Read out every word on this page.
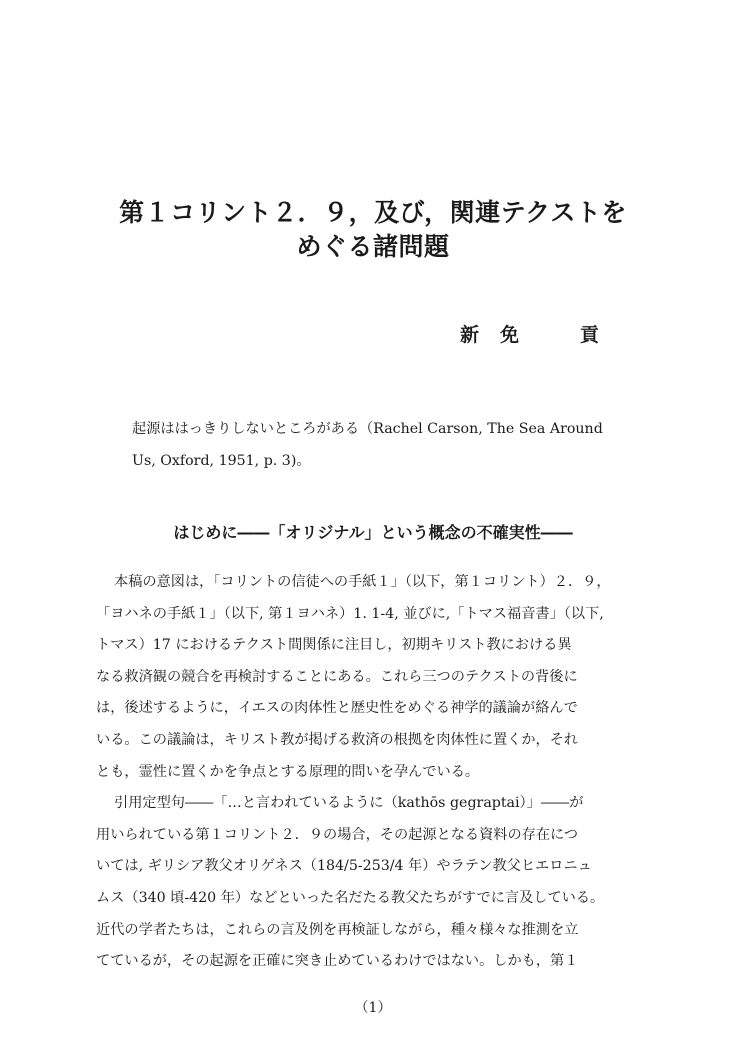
第１コリント２．９，及び，関連テクストを
めぐる諸問題
新　免　　　貢
起源ははっきりしないところがある（Rachel Carson, The Sea Around
Us, Oxford, 1951, p. 3)。
はじめに――「オリジナル」という概念の不確実性――
本稿の意図は，「コリントの信徒への手紙１」（以下，第１コリント）２．９，
「ヨハネの手紙１」（以下, 第１ヨハネ）1. 1-4, 並びに,「トマス福音書」（以下,
トマス）17 におけるテクスト間関係に注目し，初期キリスト教における異
なる救済観の競合を再検討することにある。これら三つのテクストの背後に
は，後述するように，イエスの肉体性と歴史性をめぐる神学的議論が絡んで
いる。この議論は，キリスト教が掲げる救済の根拠を肉体性に置くか，それ
とも，霊性に置くかを争点とする原理的問いを孕んでいる。
引用定型句――「…と言われているように（kathōs gegraptai）」――が
用いられている第１コリント２．９の場合，その起源となる資料の存在につ
いては, ギリシア教父オリゲネス（184/5-253/4 年）やラテン教父ヒエロニュ
ムス（340 頃-420 年）などといった名だたる教父たちがすでに言及している。
近代の学者たちは，これらの言及例を再検証しながら，種々様々な推測を立
てているが，その起源を正確に突き止めているわけではない。しかも，第１
（1）
